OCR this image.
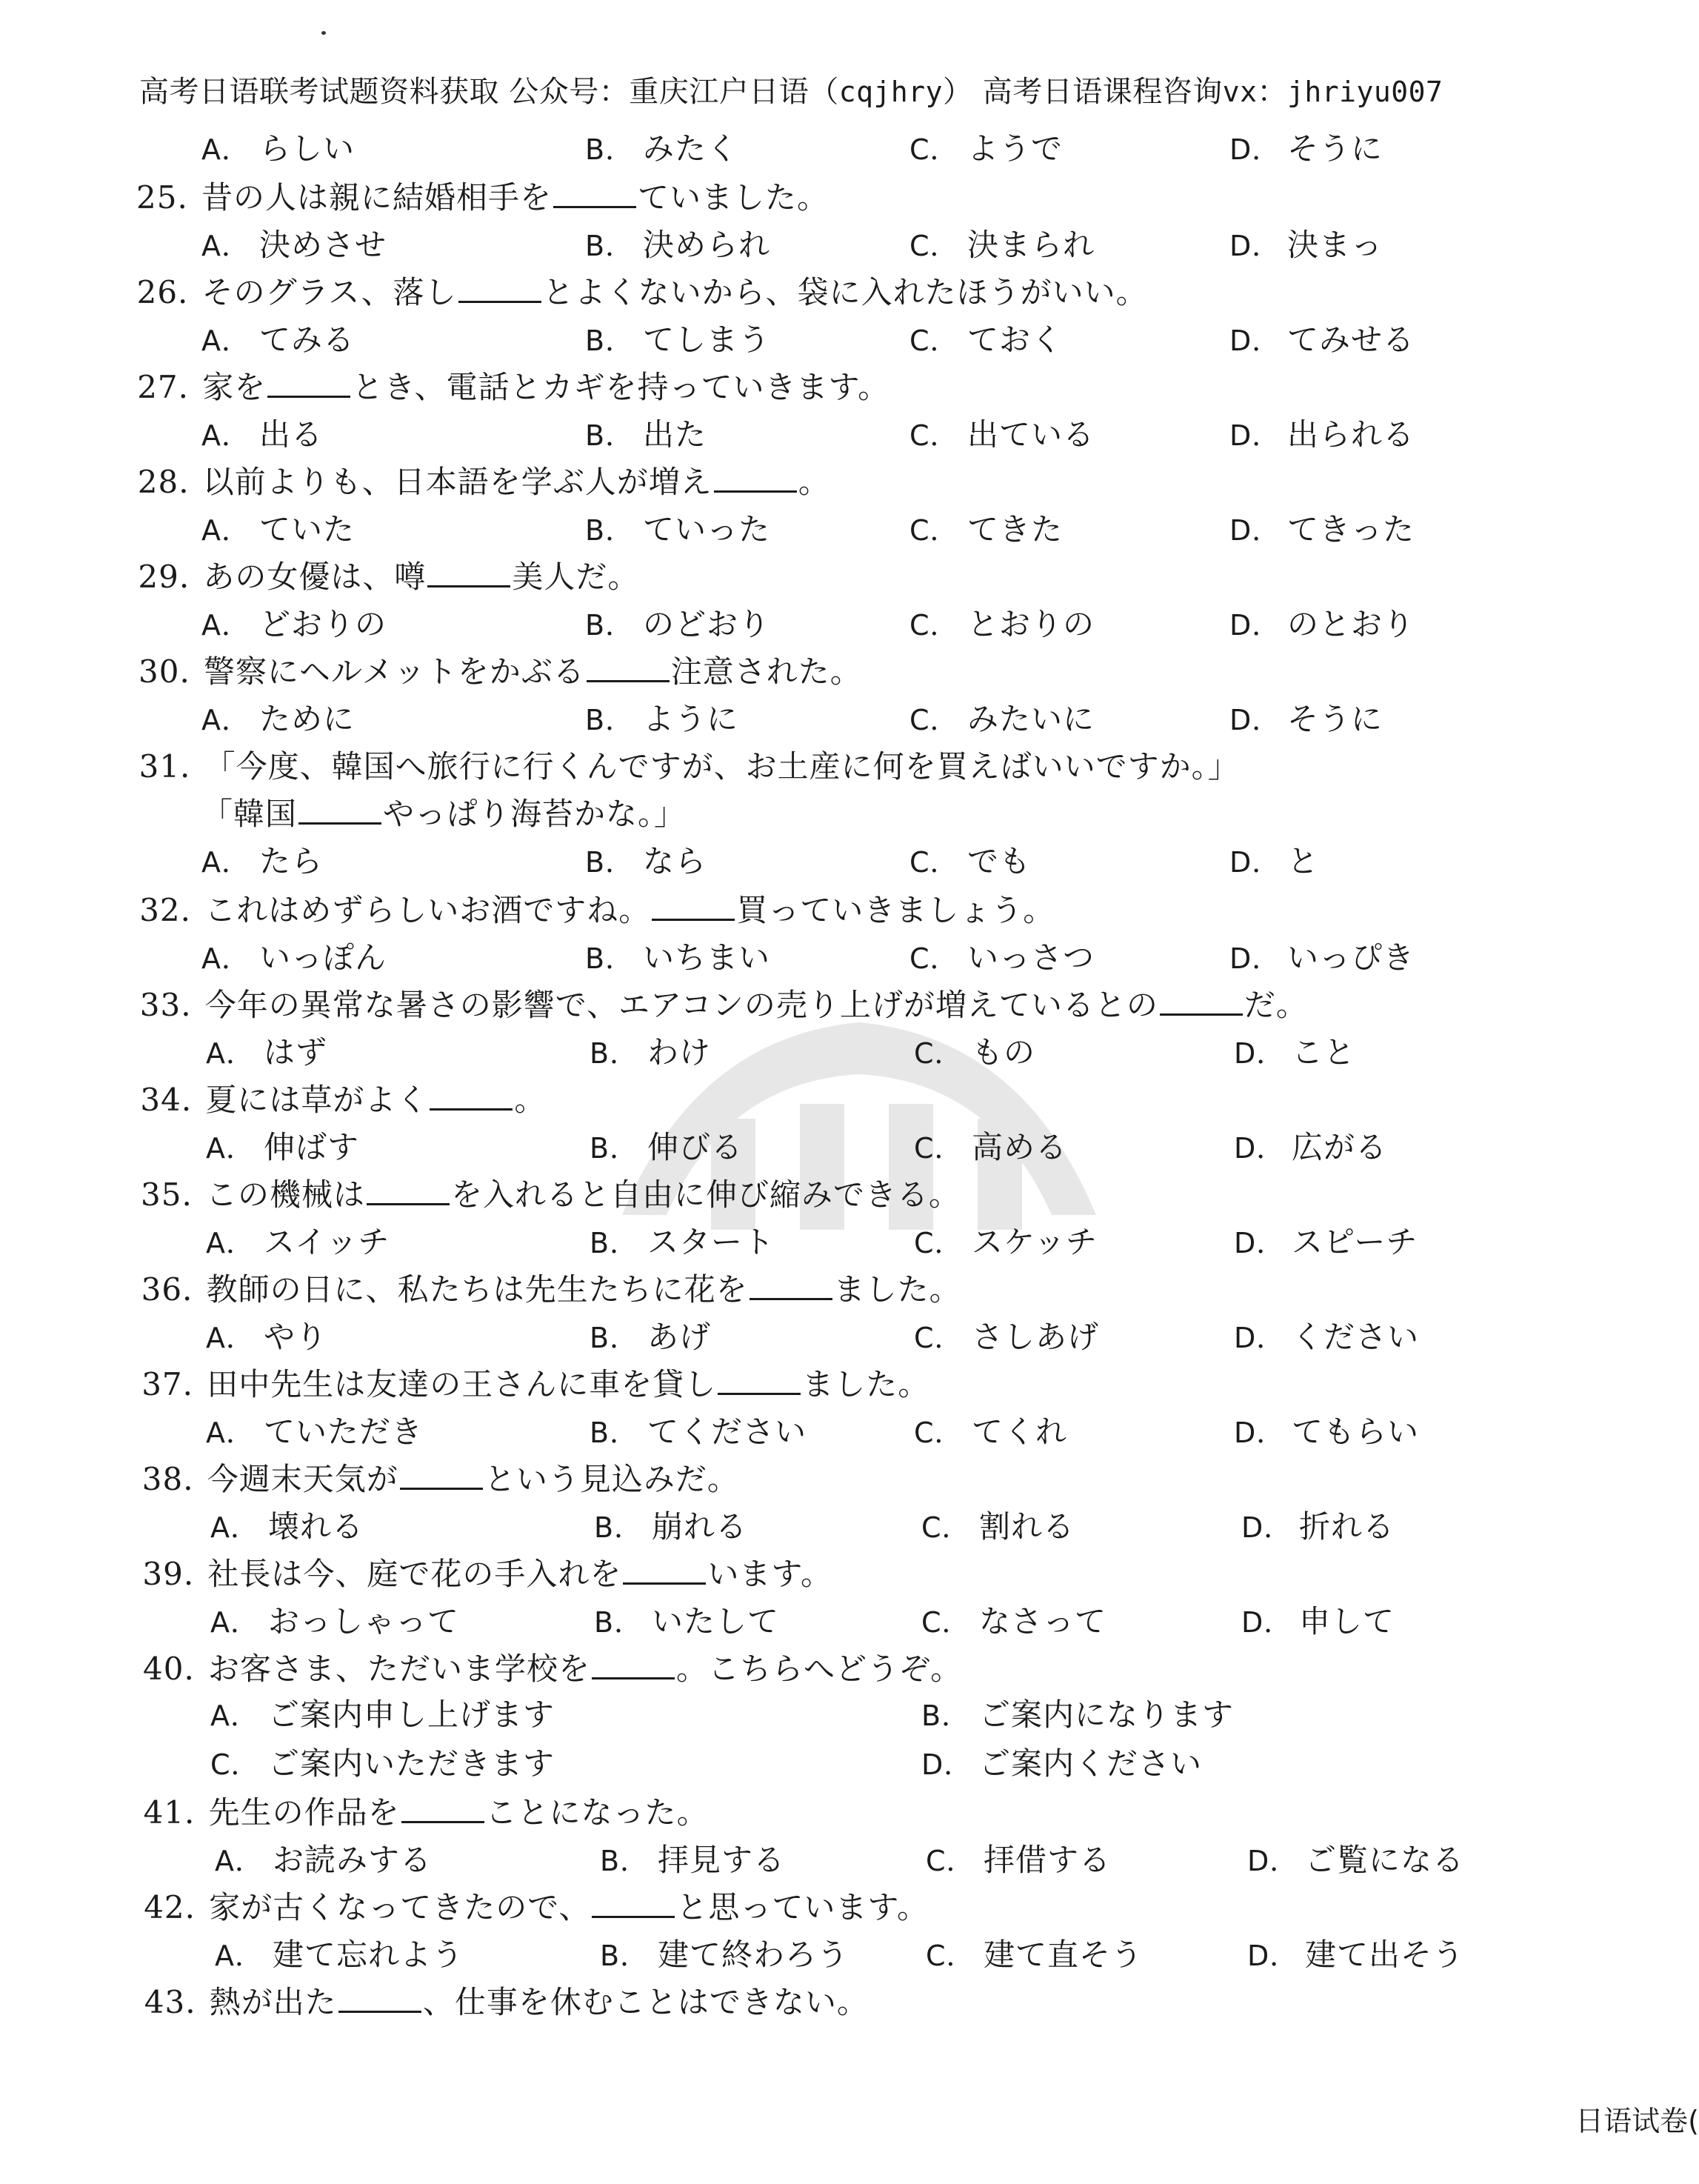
高考日语联考试题资料获取 公众号：重庆江户日语（cqjhry） 高考日语课程咨询vx：jhriyu007
A． らしい	B． みたく	C． ようで	D． そうに
25. 昔の人は親に結婚相手を	ていました。
A． 決めさせ	B． 決められ	C． 決まられ	D． 決まっ
26. そのグラス、落し	とよくないから、袋に入れたほうがいい。
A． てみる	B． てしまう	C． ておく	D． てみせる
27. 家を	とき、電話とカギを持っていきます。
A． 出る	B． 出た	C． 出ている	D． 出られる
28. 以前よりも、日本語を学ぶ人が増え	。
A． ていた	B． ていった	C． てきた	D． てきった
29. あの女優は、噂	美人だ。
A． どおりの	B． のどおり	C． とおりの	D． のとおり
30. 警察にヘルメットをかぶる	注意された。
A． ために	B． ように	C． みたいに	D． そうに
31. 「今度、韓国へ旅行に行くんですが、お土産に何を買えばいいですか。」
「韓国	やっぱり海苔かな。」
A． たら	B． なら	C． でも	D． と
32. これはめずらしいお酒ですね。	買っていきましょう。
A． いっぽん	B． いちまい	C． いっさつ	D． いっぴき
33. 今年の異常な暑さの影響で、エアコンの売り上げが増えているとの	だ。
A． はず	B． わけ	C． もの	D． こと
34. 夏には草がよく	。
A． 伸ばす	B． 伸びる	C． 高める	D． 広がる
35. この機械は	を入れると自由に伸び縮みできる。
A． スイッチ	B． スタート	C． スケッチ	D． スピーチ
36. 教師の日に、私たちは先生たちに花を	ました。
A． やり	B． あげ	C． さしあげ	D． ください
37. 田中先生は友達の王さんに車を貸し	ました。
A． ていただき	B． てください	C． てくれ	D． てもらい
38. 今週末天気が	という見込みだ。
A． 壊れる	B． 崩れる	C． 割れる	D． 折れる
39. 社長は今、庭で花の手入れを	います。
A． おっしゃって	B． いたして	C． なさって	D． 申して
40. お客さま、ただいま学校を	。こちらへどうぞ。
A． ご案内申し上げます	B． ご案内になります
C． ご案内いただきます	D． ご案内ください
41. 先生の作品を	ことになった。
A． お読みする	B． 拝見する	C． 拝借する	D． ご覧になる
42. 家が古くなってきたので、	と思っています。
A． 建て忘れよう	B． 建て終わろう	C． 建て直そう	D． 建て出そう
43. 熱が出た	、仕事を休むことはできない。
日语试卷(
